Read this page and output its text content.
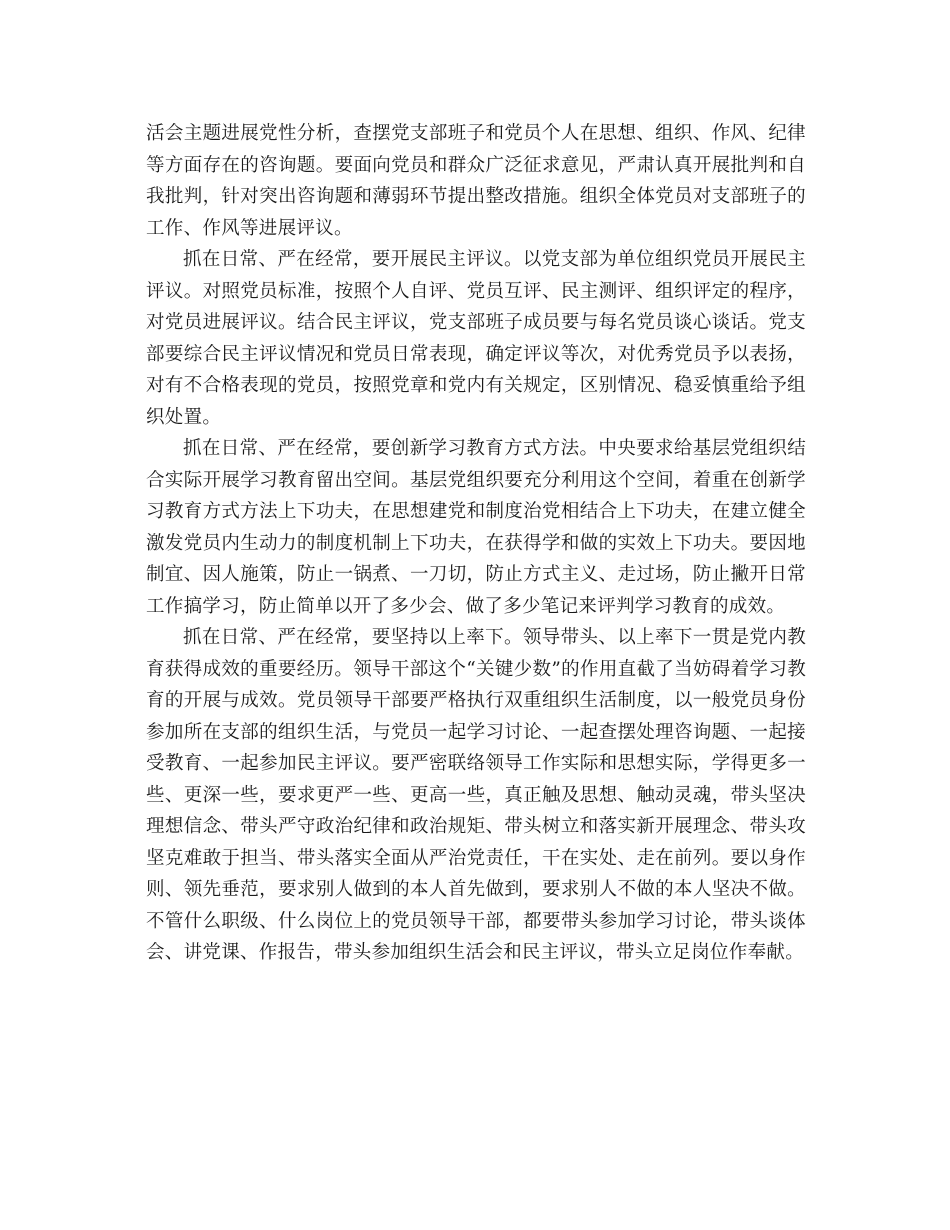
活会主题进展党性分析，查摆党支部班子和党员个人在思想、组织、作风、纪律等方面存在的咨询题。要面向党员和群众广泛征求意见，严肃认真开展批判和自我批判，针对突出咨询题和薄弱环节提出整改措施。组织全体党员对支部班子的工作、作风等进展评议。

抓在日常、严在经常，要开展民主评议。以党支部为单位组织党员开展民主评议。对照党员标准，按照个人自评、党员互评、民主测评、组织评定的程序，对党员进展评议。结合民主评议，党支部班子成员要与每名党员谈心谈话。党支部要综合民主评议情况和党员日常表现，确定评议等次，对优秀党员予以表扬，对有不合格表现的党员，按照党章和党内有关规定，区别情况、稳妥慎重给予组织处置。

抓在日常、严在经常，要创新学习教育方式方法。中央要求给基层党组织结合实际开展学习教育留出空间。基层党组织要充分利用这个空间，着重在创新学习教育方式方法上下功夫，在思想建党和制度治党相结合上下功夫，在建立健全激发党员内生动力的制度机制上下功夫，在获得学和做的实效上下功夫。要因地制宜、因人施策，防止一锅煮、一刀切，防止方式主义、走过场，防止撇开日常工作搞学习，防止简单以开了多少会、做了多少笔记来评判学习教育的成效。

抓在日常、严在经常，要坚持以上率下。领导带头、以上率下一贯是党内教育获得成效的重要经历。领导干部这个“关键少数”的作用直截了当妨碍着学习教育的开展与成效。党员领导干部要严格执行双重组织生活制度，以一般党员身份参加所在支部的组织生活，与党员一起学习讨论、一起查摆处理咨询题、一起接受教育、一起参加民主评议。要严密联络领导工作实际和思想实际，学得更多一些、更深一些，要求更严一些、更高一些，真正触及思想、触动灵魂，带头坚决理想信念、带头严守政治纪律和政治规矩、带头树立和落实新开展理念、带头攻坚克难敢于担当、带头落实全面从严治党责任，干在实处、走在前列。要以身作则、领先垂范，要求别人做到的本人首先做到，要求别人不做的本人坚决不做。不管什么职级、什么岗位上的党员领导干部，都要带头参加学习讨论，带头谈体会、讲党课、作报告，带头参加组织生活会和民主评议，带头立足岗位作奉献。
